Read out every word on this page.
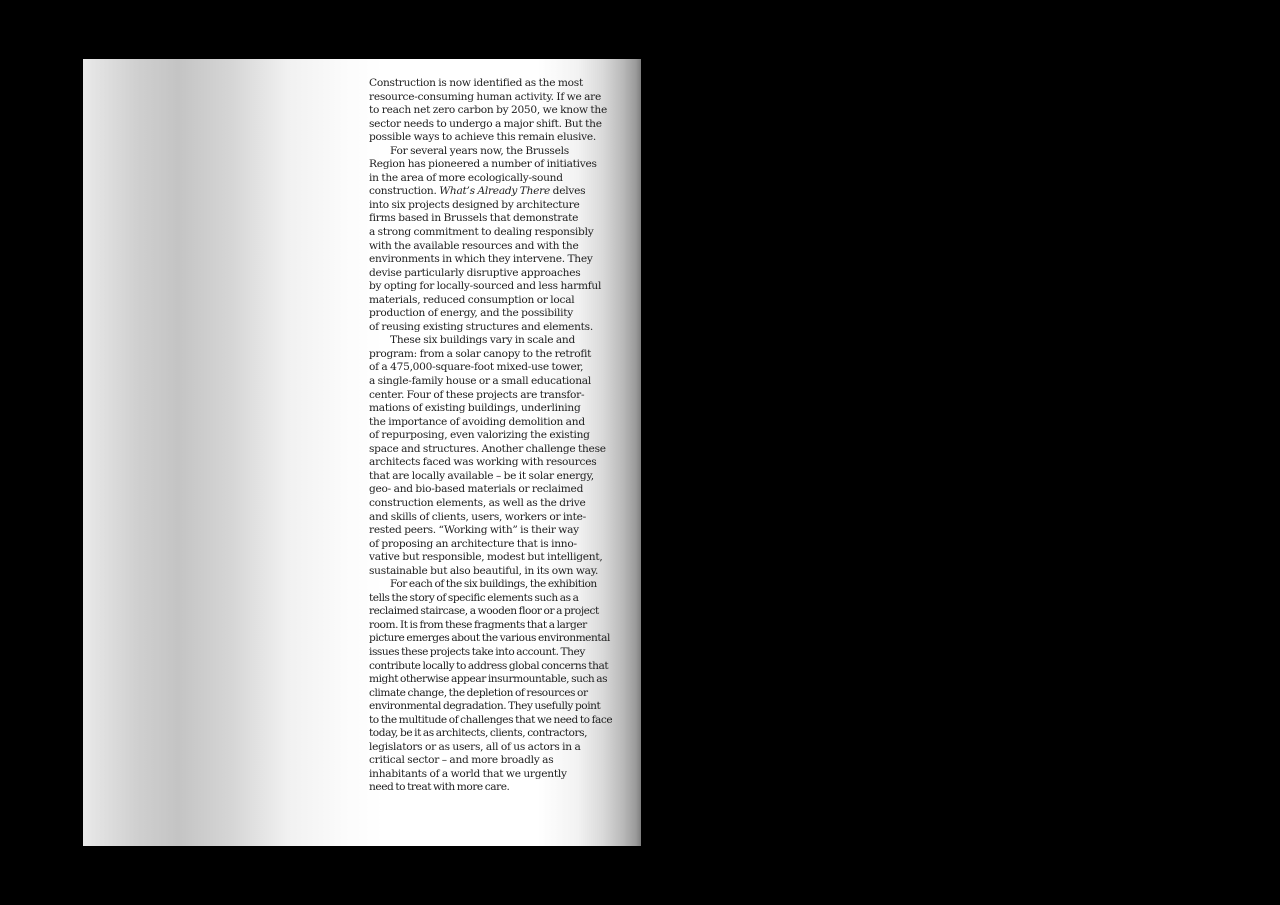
Construction is now identified as the most
resource-consuming human activity. If we are
to reach net zero carbon by 2050, we know the
sector needs to undergo a major shift. But the
possible ways to achieve this remain elusive.
For several years now, the Brussels
Region has pioneered a number of initiatives
in the area of more ecologically-sound
construction. What’s Already There delves
into six projects designed by architecture
firms based in Brussels that demonstrate
a strong commitment to dealing responsibly
with the available resources and with the
environments in which they intervene. They
devise particularly disruptive approaches
by opting for locally-sourced and less harmful
materials, reduced consumption or local
production of energy, and the possibility
of reusing existing structures and elements.
These six buildings vary in scale and
program: from a solar canopy to the retrofit
of a 475,000-square-foot mixed-use tower,
a single-family house or a small educational
center. Four of these projects are transfor-
mations of existing buildings, underlining
the importance of avoiding demolition and
of repurposing, even valorizing the existing
space and structures. Another challenge these
architects faced was working with resources
that are locally available – be it solar energy,
geo- and bio-based materials or reclaimed
construction elements, as well as the drive
and skills of clients, users, workers or inte-
rested peers. “Working with” is their way
of proposing an architecture that is inno-
vative but responsible, modest but intelligent,
sustainable but also beautiful, in its own way.
For each of the six buildings, the exhibition
tells the story of specific elements such as a
reclaimed staircase, a wooden floor or a project
room. It is from these fragments that a larger
picture emerges about the various environmental
issues these projects take into account. They
contribute locally to address global concerns that
might otherwise appear insurmountable, such as
climate change, the depletion of resources or
environmental degradation. They usefully point
to the multitude of challenges that we need to face
today, be it as architects, clients, contractors,
legislators or as users, all of us actors in a
critical sector – and more broadly as
inhabitants of a world that we urgently
need to treat with more care.
